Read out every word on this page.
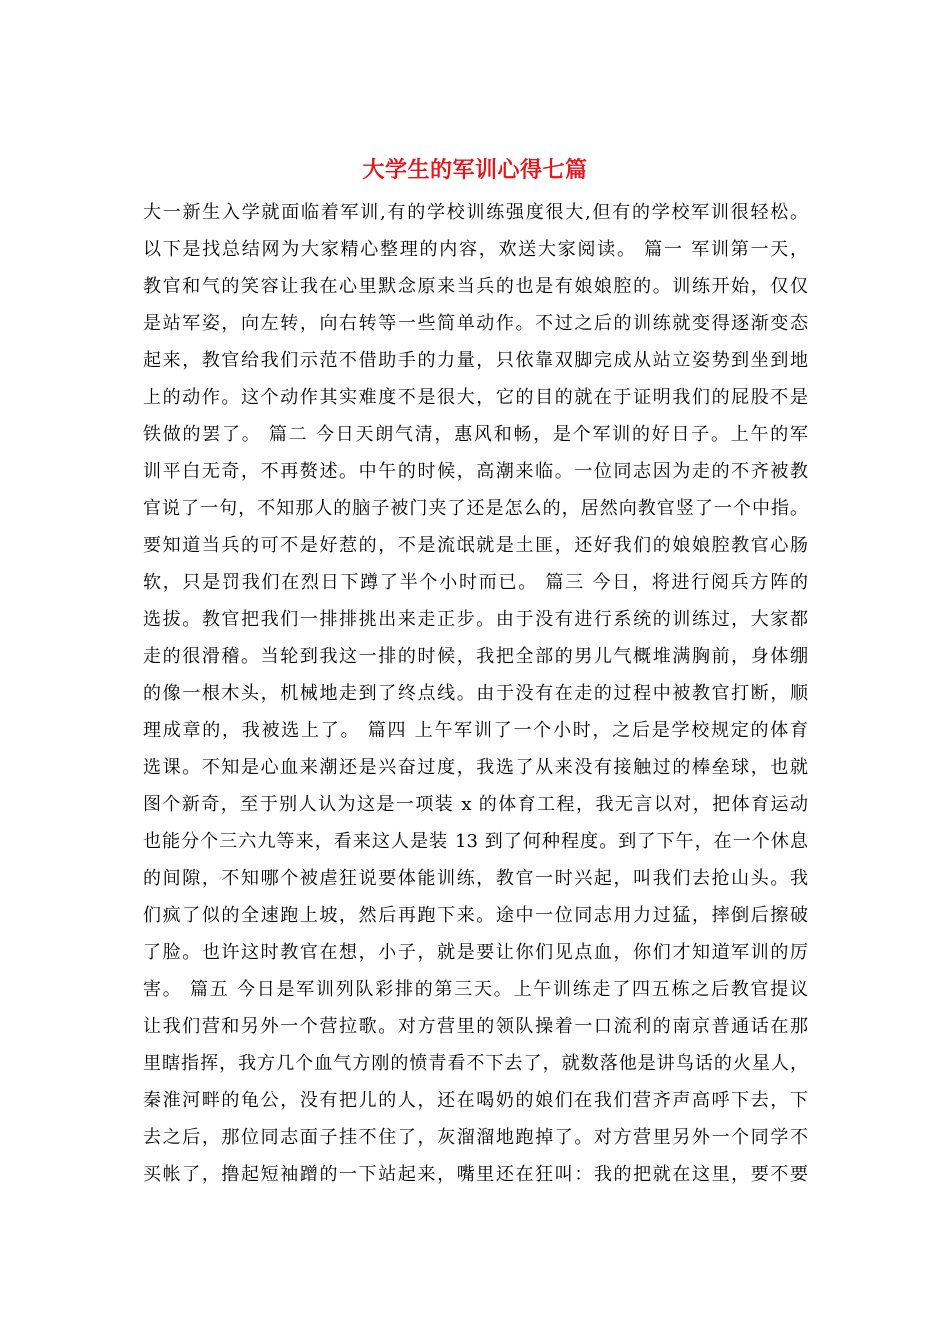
大学生的军训心得七篇
大一新生入学就面临着军训,有的学校训练强度很大,但有的学校军训很轻松。
以下是找总结网为大家精心整理的内容，欢送大家阅读。 篇一 军训第一天，
教官和气的笑容让我在心里默念原来当兵的也是有娘娘腔的。训练开始，仅仅
是站军姿，向左转，向右转等一些简单动作。不过之后的训练就变得逐渐变态
起来，教官给我们示范不借助手的力量，只依靠双脚完成从站立姿势到坐到地
上的动作。这个动作其实难度不是很大，它的目的就在于证明我们的屁股不是
铁做的罢了。 篇二 今日天朗气清，惠风和畅，是个军训的好日子。上午的军
训平白无奇，不再赘述。中午的时候，高潮来临。一位同志因为走的不齐被教
官说了一句，不知那人的脑子被门夹了还是怎么的，居然向教官竖了一个中指。
要知道当兵的可不是好惹的，不是流氓就是土匪，还好我们的娘娘腔教官心肠
软，只是罚我们在烈日下蹲了半个小时而已。 篇三 今日，将进行阅兵方阵的
选拔。教官把我们一排排挑出来走正步。由于没有进行系统的训练过，大家都
走的很滑稽。当轮到我这一排的时候，我把全部的男儿气概堆满胸前，身体绷
的像一根木头，机械地走到了终点线。由于没有在走的过程中被教官打断，顺
理成章的，我被选上了。 篇四 上午军训了一个小时，之后是学校规定的体育
选课。不知是心血来潮还是兴奋过度，我选了从来没有接触过的棒垒球，也就
图个新奇，至于别人认为这是一项装 x 的体育工程，我无言以对，把体育运动
也能分个三六九等来，看来这人是装 13 到了何种程度。到了下午，在一个休息
的间隙，不知哪个被虐狂说要体能训练，教官一时兴起，叫我们去抢山头。我
们疯了似的全速跑上坡，然后再跑下来。途中一位同志用力过猛，摔倒后擦破
了脸。也许这时教官在想，小子，就是要让你们见点血，你们才知道军训的厉
害。 篇五 今日是军训列队彩排的第三天。上午训练走了四五栋之后教官提议
让我们营和另外一个营拉歌。对方营里的领队操着一口流利的南京普通话在那
里瞎指挥，我方几个血气方刚的愤青看不下去了，就数落他是讲鸟话的火星人，
秦淮河畔的龟公，没有把儿的人，还在喝奶的娘们在我们营齐声高呼下去，下
去之后，那位同志面子挂不住了，灰溜溜地跑掉了。对方营里另外一个同学不
买帐了，撸起短袖蹭的一下站起来，嘴里还在狂叫：我的把就在这里，要不要
